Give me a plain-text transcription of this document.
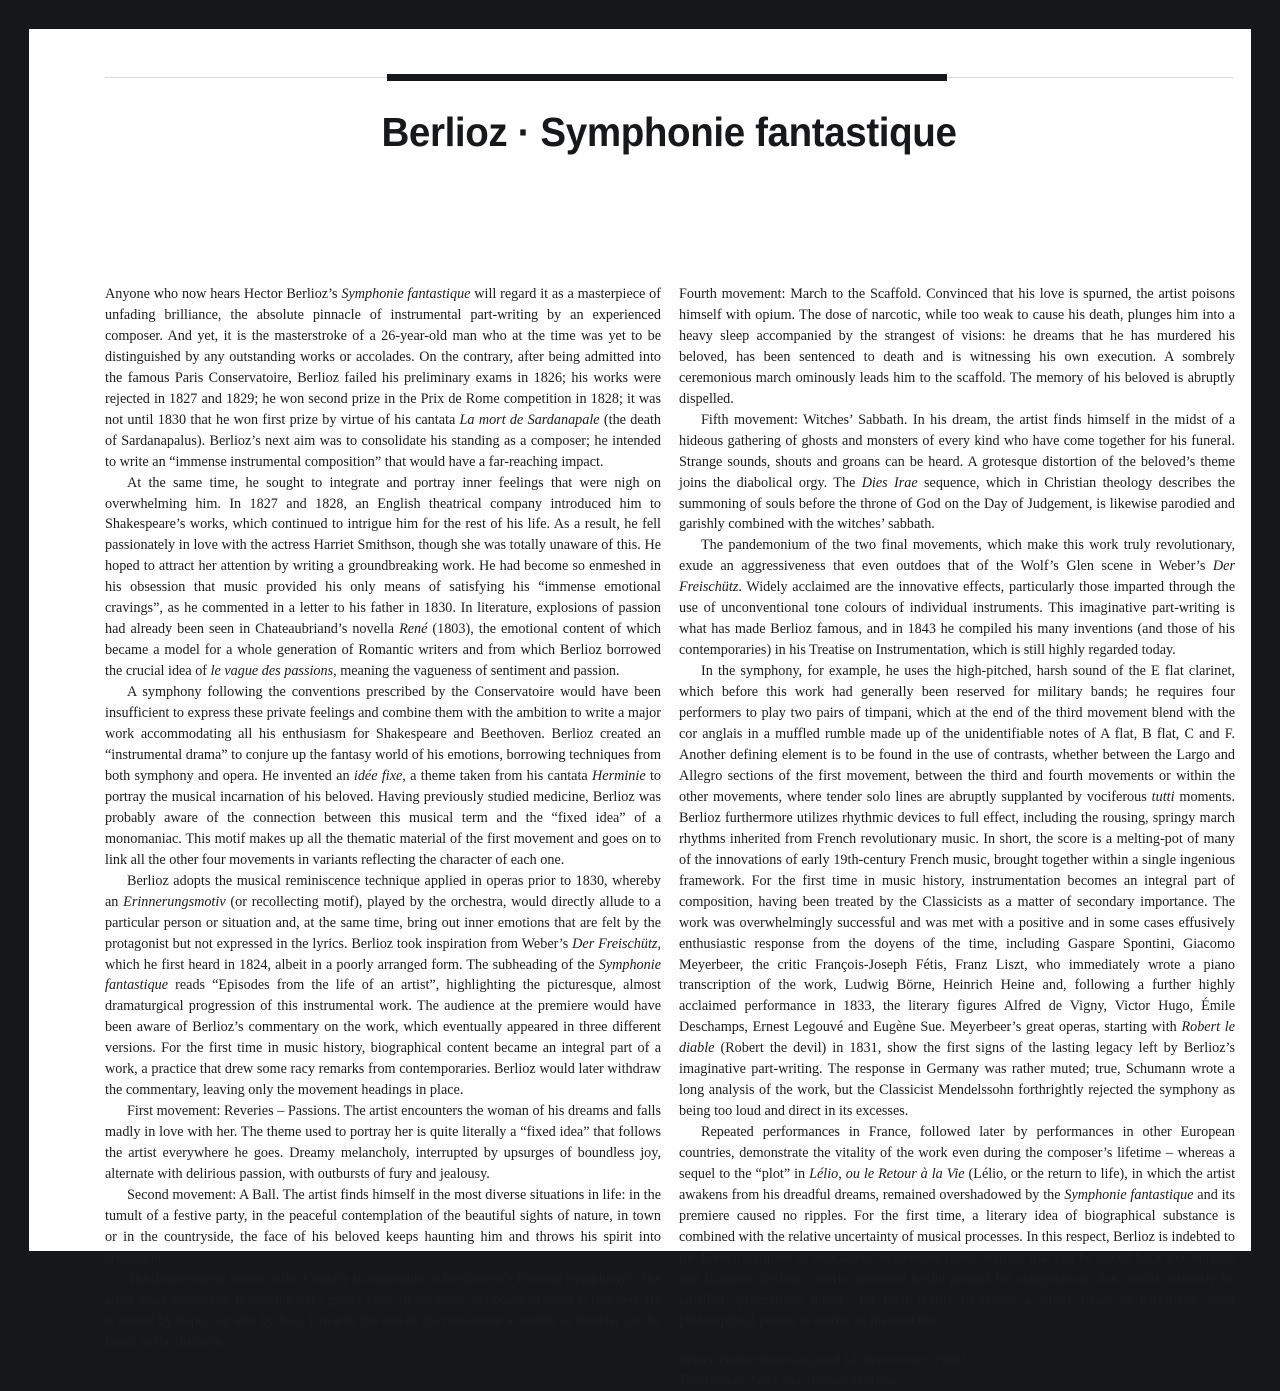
Berlioz · Symphonie fantastique

Anyone who now hears Hector Berlioz’s Symphonie fantastique will regard it as a masterpiece of unfading brilliance, the absolute pinnacle of instrumental part-writing by an experienced composer. And yet, it is the masterstroke of a 26-year-old man who at the time was yet to be distinguished by any outstanding works or accolades. On the contrary, after being admitted into the famous Paris Conservatoire, Berlioz failed his preliminary exams in 1826; his works were rejected in 1827 and 1829; he won second prize in the Prix de Rome competition in 1828; it was not until 1830 that he won first prize by virtue of his cantata La mort de Sardanapale (the death of Sardanapalus). Berlioz’s next aim was to consolidate his standing as a composer; he intended to write an “immense instrumental composition” that would have a far-reaching impact.

At the same time, he sought to integrate and portray inner feelings that were nigh on overwhelming him. In 1827 and 1828, an English theatrical company introduced him to Shakespeare’s works, which continued to intrigue him for the rest of his life. As a result, he fell passionately in love with the actress Harriet Smithson, though she was totally unaware of this. He hoped to attract her attention by writing a groundbreaking work. He had become so enmeshed in his obsession that music provided his only means of satisfying his “immense emotional cravings”, as he commented in a letter to his father in 1830. In literature, explosions of passion had already been seen in Chateaubriand’s novella René (1803), the emotional content of which became a model for a whole generation of Romantic writers and from which Berlioz borrowed the crucial idea of le vague des passions, meaning the vagueness of sentiment and passion.

A symphony following the conventions prescribed by the Conservatoire would have been insufficient to express these private feelings and combine them with the ambition to write a major work accommodating all his enthusiasm for Shakespeare and Beethoven. Berlioz created an “instrumental drama” to conjure up the fantasy world of his emotions, borrowing techniques from both symphony and opera. He invented an idée fixe, a theme taken from his cantata Herminie to portray the musical incarnation of his beloved. Having previously studied medicine, Berlioz was probably aware of the connection between this musical term and the “fixed idea” of a monomaniac. This motif makes up all the thematic material of the first movement and goes on to link all the other four movements in variants reflecting the character of each one.

Berlioz adopts the musical reminiscence technique applied in operas prior to 1830, whereby an Erinnerungsmotiv (or recollecting motif), played by the orchestra, would directly allude to a particular person or situation and, at the same time, bring out inner emotions that are felt by the protagonist but not expressed in the lyrics. Berlioz took inspiration from Weber’s Der Freischütz, which he first heard in 1824, albeit in a poorly arranged form. The subheading of the Symphonie fantastique reads “Episodes from the life of an artist”, highlighting the picturesque, almost dramaturgical progression of this instrumental work. The audience at the premiere would have been aware of Berlioz’s commentary on the work, which eventually appeared in three different versions. For the first time in music history, biographical content became an integral part of a work, a practice that drew some racy remarks from contemporaries. Berlioz would later withdraw the commentary, leaving only the movement headings in place.

First movement: Reveries – Passions. The artist encounters the woman of his dreams and falls madly in love with her. The theme used to portray her is quite literally a “fixed idea” that follows the artist everywhere he goes. Dreamy melancholy, interrupted by upsurges of boundless joy, alternate with delirious passion, with outbursts of fury and jealousy.

Second movement: A Ball. The artist finds himself in the most diverse situations in life: in the tumult of a festive party, in the peaceful contemplation of the beautiful sights of nature, in town or in the countryside, the face of his beloved keeps haunting him and throws his spirit into confusion.

Third movement: Scene in the Country (comparable to Beethoven’s Pastoral Symphony). The artist hears shepherds’ horns; the trees gently sway in the wind; his peace of mind is restored. He is stirred by hope, but also by fear. Towards the end of the movement a rumble of thunder can be heard in the distance.

Fourth movement: March to the Scaffold. Convinced that his love is spurned, the artist poisons himself with opium. The dose of narcotic, while too weak to cause his death, plunges him into a heavy sleep accompanied by the strangest of visions: he dreams that he has murdered his beloved, has been sentenced to death and is witnessing his own execution. A sombrely ceremonious march ominously leads him to the scaffold. The memory of his beloved is abruptly dispelled.

Fifth movement: Witches’ Sabbath. In his dream, the artist finds himself in the midst of a hideous gathering of ghosts and monsters of every kind who have come together for his funeral. Strange sounds, shouts and groans can be heard. A grotesque distortion of the beloved’s theme joins the diabolical orgy. The Dies Irae sequence, which in Christian theology describes the summoning of souls before the throne of God on the Day of Judgement, is likewise parodied and garishly combined with the witches’ sabbath.

The pandemonium of the two final movements, which make this work truly revolutionary, exude an aggressiveness that even outdoes that of the Wolf’s Glen scene in Weber’s Der Freischütz. Widely acclaimed are the innovative effects, particularly those imparted through the use of unconventional tone colours of individual instruments. This imaginative part-writing is what has made Berlioz famous, and in 1843 he compiled his many inventions (and those of his contemporaries) in his Treatise on Instrumentation, which is still highly regarded today.

In the symphony, for example, he uses the high-pitched, harsh sound of the E flat clarinet, which before this work had generally been reserved for military bands; he requires four performers to play two pairs of timpani, which at the end of the third movement blend with the cor anglais in a muffled rumble made up of the unidentifiable notes of A flat, B flat, C and F. Another defining element is to be found in the use of contrasts, whether between the Largo and Allegro sections of the first movement, between the third and fourth movements or within the other movements, where tender solo lines are abruptly supplanted by vociferous tutti moments. Berlioz furthermore utilizes rhythmic devices to full effect, including the rousing, springy march rhythms inherited from French revolutionary music. In short, the score is a melting-pot of many of the innovations of early 19th-century French music, brought together within a single ingenious framework. For the first time in music history, instrumentation becomes an integral part of composition, having been treated by the Classicists as a matter of secondary importance. The work was overwhelmingly successful and was met with a positive and in some cases effusively enthusiastic response from the doyens of the time, including Gaspare Spontini, Giacomo Meyerbeer, the critic François-Joseph Fétis, Franz Liszt, who immediately wrote a piano transcription of the work, Ludwig Börne, Heinrich Heine and, following a further highly acclaimed performance in 1833, the literary figures Alfred de Vigny, Victor Hugo, Émile Deschamps, Ernest Legouvé and Eugène Sue. Meyerbeer’s great operas, starting with Robert le diable (Robert the devil) in 1831, show the first signs of the lasting legacy left by Berlioz’s imaginative part-writing. The response in Germany was rather muted; true, Schumann wrote a long analysis of the work, but the Classicist Mendelssohn forthrightly rejected the symphony as being too loud and direct in its excesses.

Repeated performances in France, followed later by performances in other European countries, demonstrate the vitality of the work even during the composer’s lifetime – whereas a sequel to the “plot” in Lélio, ou le Retour à la Vie (Lélio, or the return to life), in which the artist awakens from his dreadful dreams, remained overshadowed by the Symphonie fantastique and its premiere caused no ripples. For the first time, a literary idea of biographical substance is combined with the relative uncertainty of musical processes. In this respect, Berlioz is indebted to the French tradition of evocative, picturesque music-writing that can be traced back to Couperin and Rameau. Berlioz’s works provided fertile ground for compositions that would curiously be labelled “programme music” for their ability to render a whole range of narratives, from philosophical poems to stories of married life.

Reiner Zimmermann (original LP sleeve notes, 1986)
Translation: Janet and Michael Berridge
